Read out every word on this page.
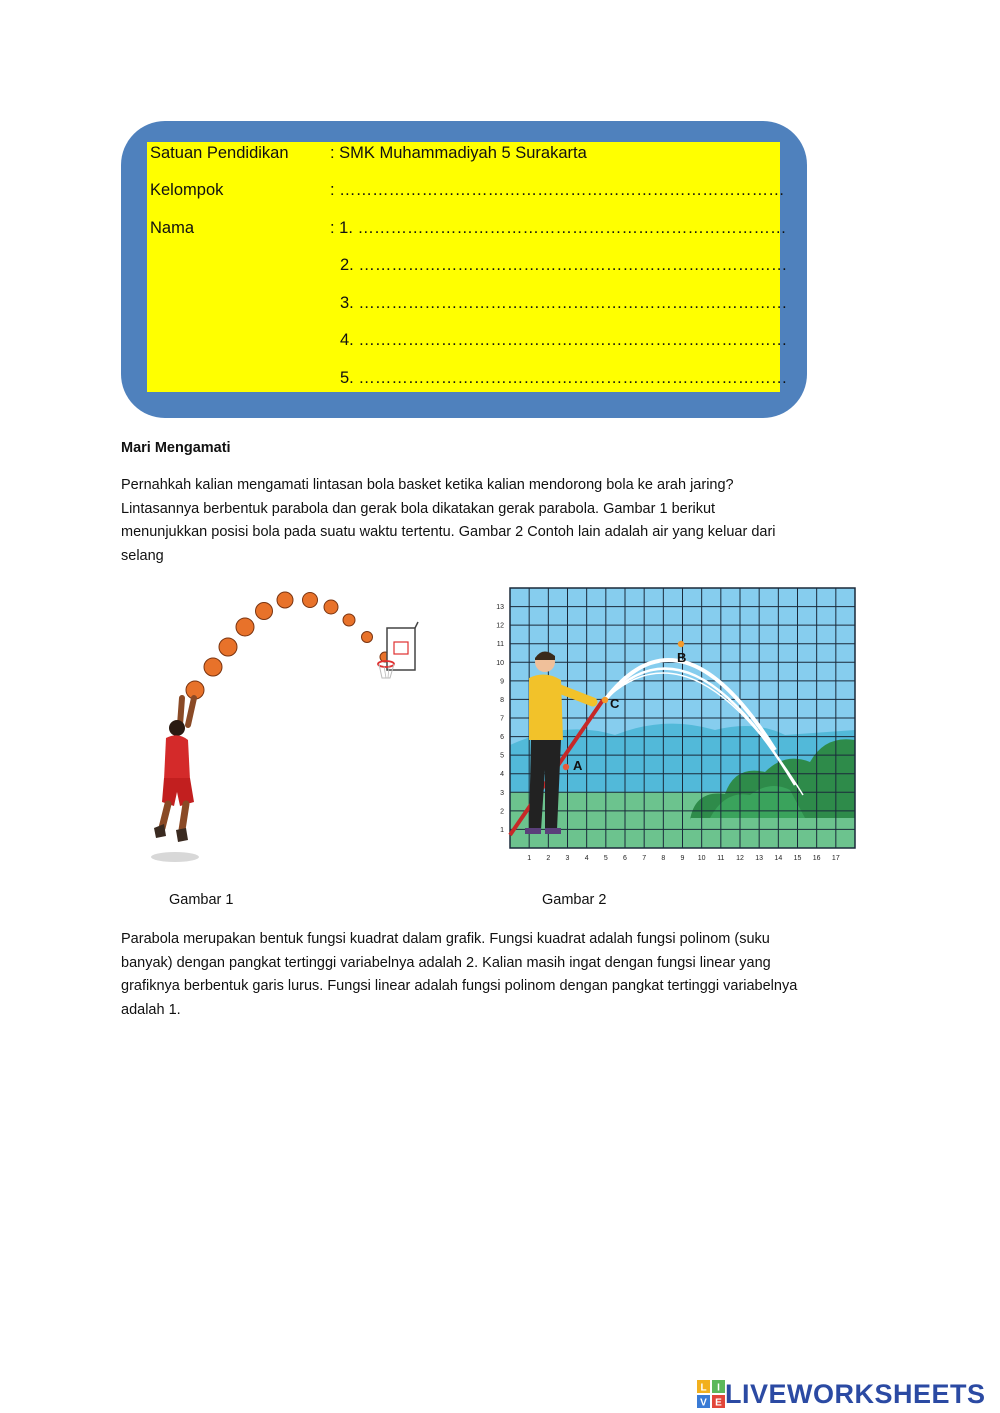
Satuan Pendidikan	: SMK Muhammadiyah 5 Surakarta
Kelompok	: ………………………………………………………………………
Nama	: 1. ……………………………………………………………………
2. ……………………………………………………………………
3. ……………………………………………………………………
4. ……………………………………………………………………
5. ……………………………………………………………………
Mari Mengamati
Pernahkah kalian mengamati lintasan bola basket ketika kalian mendorong bola ke arah jaring?
Lintasannya berbentuk parabola dan gerak bola dikatakan gerak parabola. Gambar 1 berikut
menunjukkan posisi bola pada suatu waktu tertentu. Gambar 2 Contoh lain adalah air yang keluar dari
selang
1 2 3 4 5 6 7 8 9 10 11 12 13 14 15 16 17
1
2
3
4
5
6
7
8
9
10
11
12
13
A
B
C
Gambar 1	Gambar 2
Parabola merupakan bentuk fungsi kuadrat dalam grafik. Fungsi kuadrat adalah fungsi polinom (suku
banyak) dengan pangkat tertinggi variabelnya adalah 2. Kalian masih ingat dengan fungsi linear yang
grafiknya berbentuk garis lurus. Fungsi linear adalah fungsi polinom dengan pangkat tertinggi variabelnya
adalah 1.
L I
V E LIVEWORKSHEETS
